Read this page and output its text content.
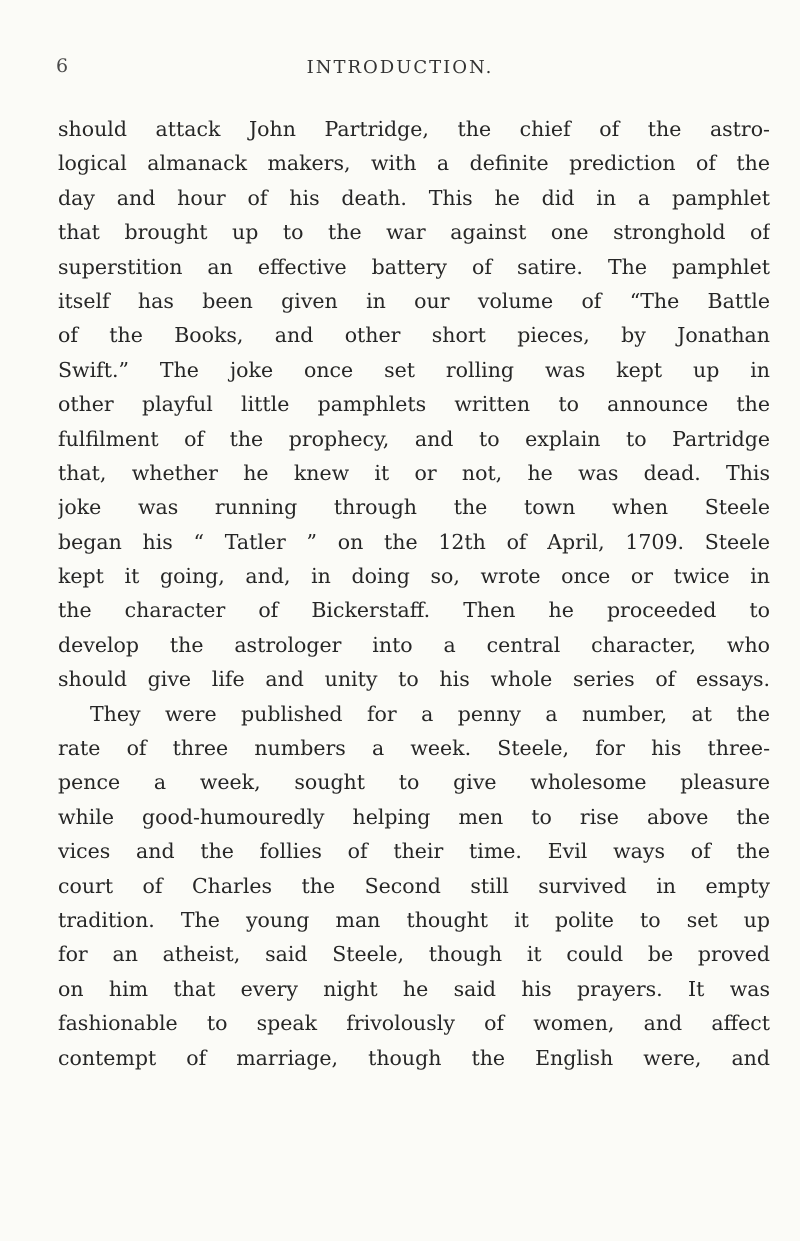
6	INTRODUCTION.
should attack John Partridge, the chief of the astro-
logical almanack makers, with a definite prediction of the
day and hour of his death. This he did in a pamphlet
that brought up to the war against one stronghold of
superstition an effective battery of satire. The pamphlet
itself has been given in our volume of “The Battle
of the Books, and other short pieces, by Jonathan
Swift.” The joke once set rolling was kept up in
other playful little pamphlets written to announce the
fulfilment of the prophecy, and to explain to Partridge
that, whether he knew it or not, he was dead. This
joke was running through the town when Steele
began his “ Tatler ” on the 12th of April, 1709. Steele
kept it going, and, in doing so, wrote once or twice in
the character of Bickerstaff. Then he proceeded to
develop the astrologer into a central character, who
should give life and unity to his whole series of essays.
They were published for a penny a number, at the
rate of three numbers a week. Steele, for his three-
pence a week, sought to give wholesome pleasure
while good-humouredly helping men to rise above the
vices and the follies of their time. Evil ways of the
court of Charles the Second still survived in empty
tradition. The young man thought it polite to set up
for an atheist, said Steele, though it could be proved
on him that every night he said his prayers. It was
fashionable to speak frivolously of women, and affect
contempt of marriage, though the English were, and
